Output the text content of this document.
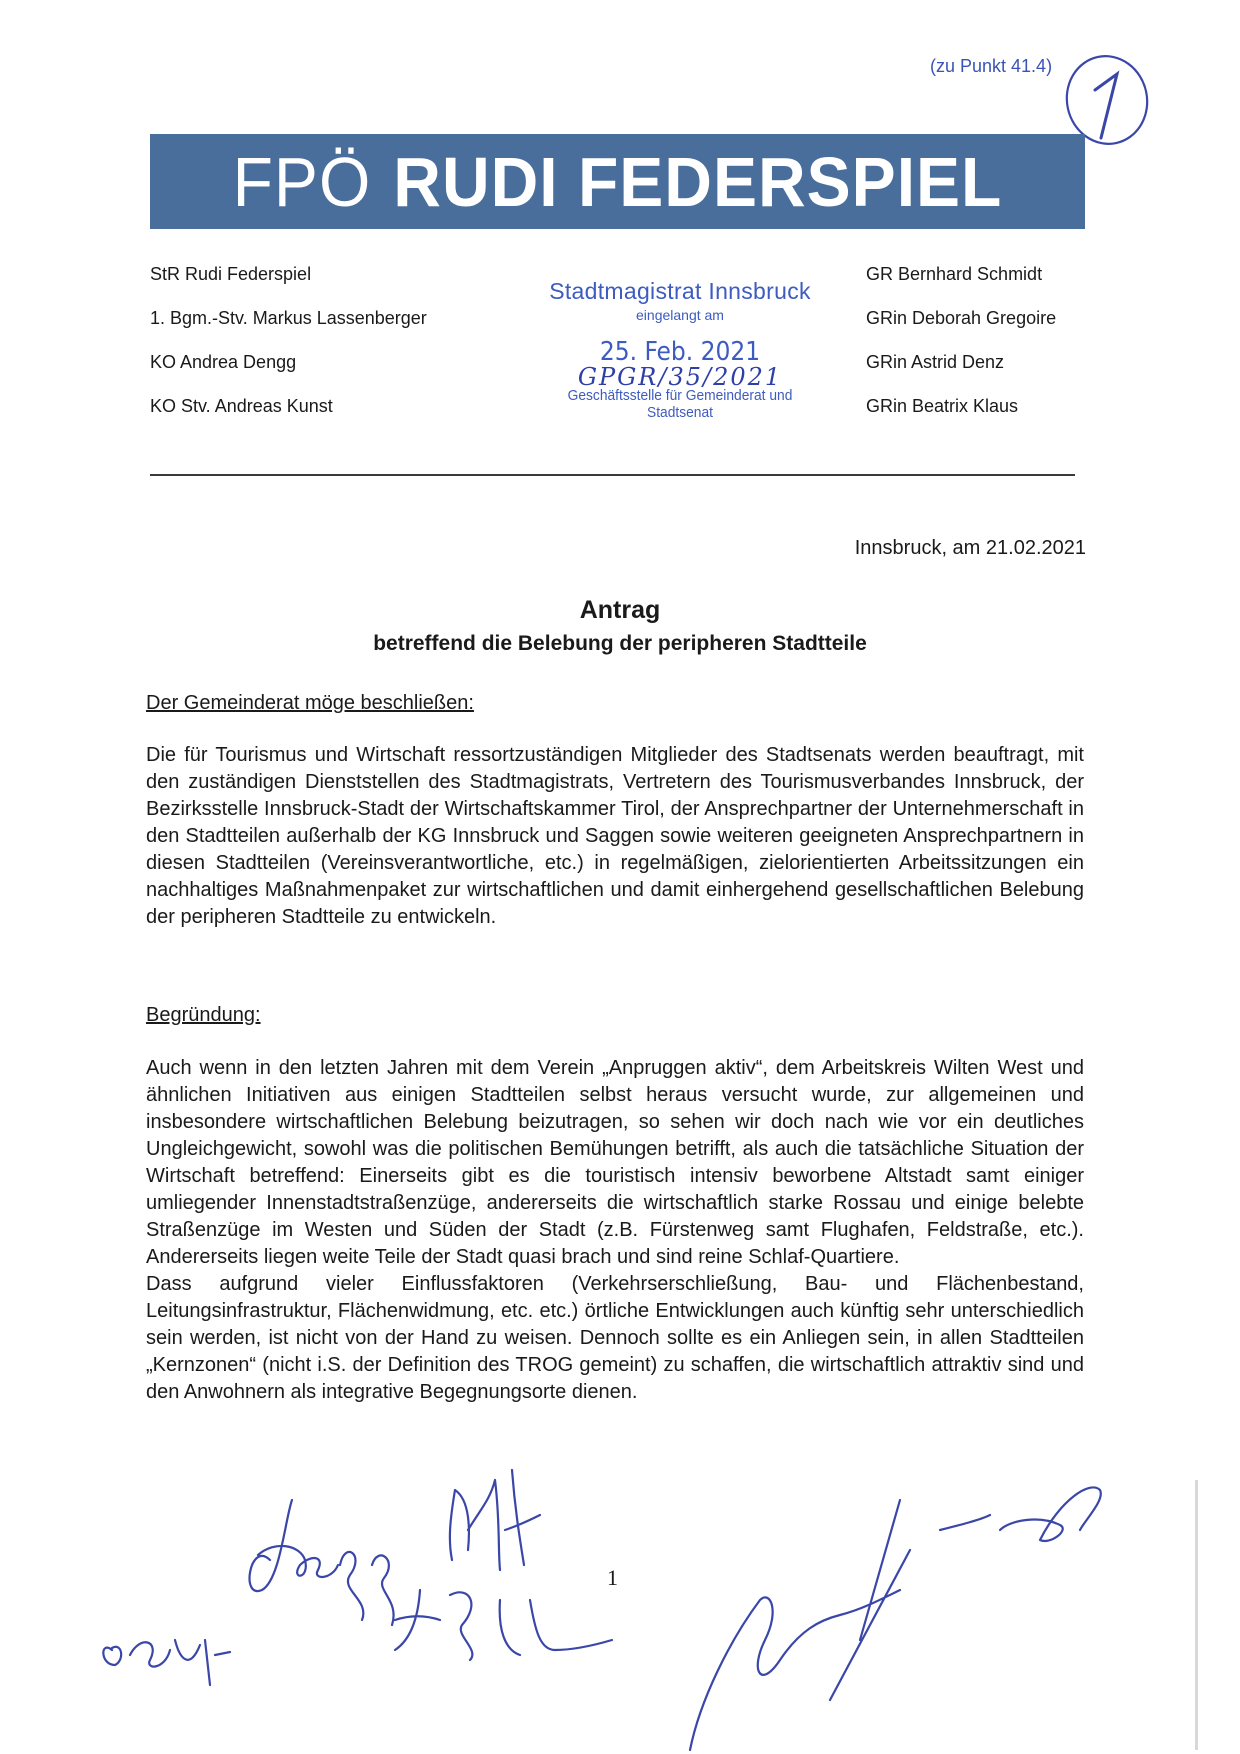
(zu Punkt 41.4)
FPÖ RUDI FEDERSPIEL
StR Rudi Federspiel
1. Bgm.-Stv. Markus Lassenberger
KO Andrea Dengg
KO Stv. Andreas Kunst
GR Bernhard Schmidt
GRin Deborah Gregoire
GRin Astrid Denz
GRin Beatrix Klaus
Stadtmagistrat Innsbruck
eingelangt am
25. Feb. 2021
GPGR/35/2021
Geschäftsstelle für Gemeinderat und Stadtsenat
Innsbruck, am 21.02.2021
Antrag
betreffend die Belebung der peripheren Stadtteile
Der Gemeinderat möge beschließen:

Die für Tourismus und Wirtschaft ressortzuständigen Mitglieder des Stadtsenats werden beauftragt, mit den zuständigen Dienststellen des Stadtmagistrats, Vertretern des Tourismusverbandes Innsbruck, der Bezirksstelle Innsbruck-Stadt der Wirtschaftskammer Tirol, der Ansprechpartner der Unternehmerschaft in den Stadtteilen außerhalb der KG Innsbruck und Saggen sowie weiteren geeigneten Ansprechpartnern in diesen Stadtteilen (Vereinsverantwortliche, etc.) in regelmäßigen, zielorientierten Arbeitssitzungen ein nachhaltiges Maßnahmenpaket zur wirtschaftlichen und damit einhergehend gesellschaftlichen Belebung der peripheren Stadtteile zu entwickeln.

Begründung:

Auch wenn in den letzten Jahren mit dem Verein „Anpruggen aktiv“, dem Arbeitskreis Wilten West und ähnlichen Initiativen aus einigen Stadtteilen selbst heraus versucht wurde, zur allgemeinen und insbesondere wirtschaftlichen Belebung beizutragen, so sehen wir doch nach wie vor ein deutliches Ungleichgewicht, sowohl was die politischen Bemühungen betrifft, als auch die tatsächliche Situation der Wirtschaft betreffend: Einerseits gibt es die touristisch intensiv beworbene Altstadt samt einiger umliegender Innenstadtstraßenzüge, andererseits die wirtschaftlich starke Rossau und einige belebte Straßenzüge im Westen und Süden der Stadt (z.B. Fürstenweg samt Flughafen, Feldstraße, etc.). Andererseits liegen weite Teile der Stadt quasi brach und sind reine Schlaf-Quartiere.

Dass aufgrund vieler Einflussfaktoren (Verkehrserschließung, Bau- und Flächenbestand, Leitungsinfrastruktur, Flächenwidmung, etc. etc.) örtliche Entwicklungen auch künftig sehr unterschiedlich sein werden, ist nicht von der Hand zu weisen. Dennoch sollte es ein Anliegen sein, in allen Stadtteilen „Kernzonen“ (nicht i.S. der Definition des TROG gemeint) zu schaffen, die wirtschaftlich attraktiv sind und den Anwohnern als integrative Begegnungsorte dienen.

1
